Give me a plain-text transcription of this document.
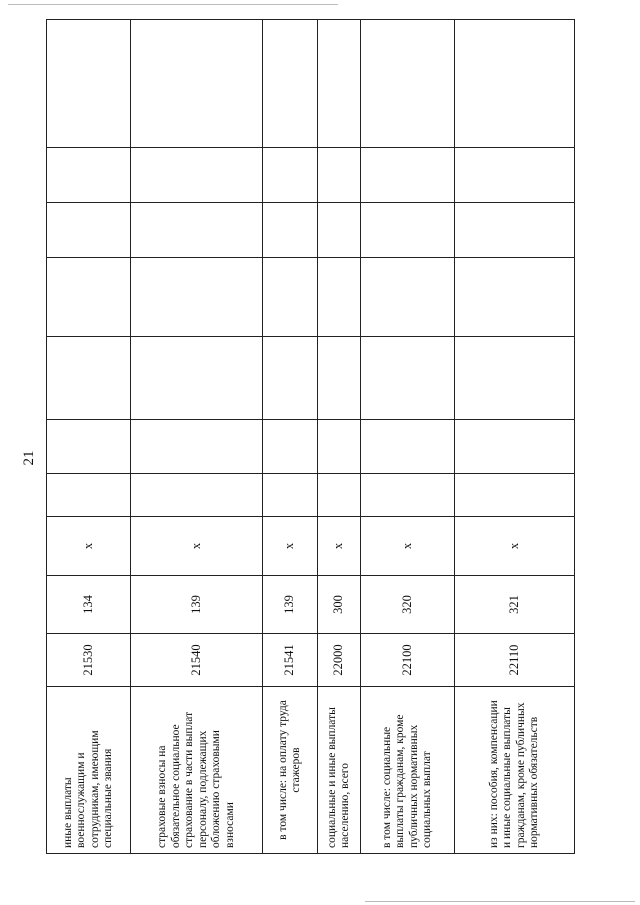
21
иные выплаты военнослужащим и сотрудникам, имеющим специальные звания	21530	134	x							
страховые взносы на обязательное социальное страхование в части выплат персоналу, подлежащих обложению страховыми взносами	21540	139	x							
в том числе: на оплату труда стажеров	21541	139	x							
социальные и иные выплаты населению, всего	22000	300	x							
в том числе: социальные выплаты гражданам, кроме публичных нормативных социальных выплат	22100	320	x							
из них: пособия, компенсации и иные социальные выплаты гражданам, кроме публичных нормативных обязательств	22110	321	x							
